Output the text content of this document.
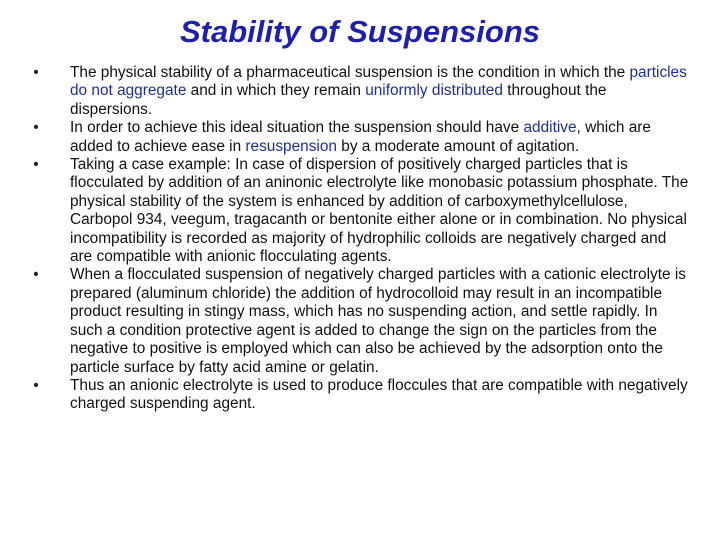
Stability of Suspensions
• The physical stability of a pharmaceutical suspension is the condition in which the particles do not aggregate and in which they remain uniformly distributed throughout the dispersions.
• In order to achieve this ideal situation the suspension should have additive, which are added to achieve ease in resuspension by a moderate amount of agitation.
• Taking a case example: In case of dispersion of positively charged particles that is flocculated by addition of an aninonic electrolyte like monobasic potassium phosphate. The physical stability of the system is enhanced by addition of carboxymethylcellulose, Carbopol 934, veegum, tragacanth or bentonite either alone or in combination. No physical incompatibility is recorded as majority of hydrophilic colloids are negatively charged and are compatible with anionic flocculating agents.
• When a flocculated suspension of negatively charged particles with a cationic electrolyte is prepared (aluminum chloride) the addition of hydrocolloid may result in an incompatible product resulting in stingy mass, which has no suspending action, and settle rapidly. In such a condition protective agent is added to change the sign on the particles from the negative to positive is employed which can also be achieved by the adsorption onto the particle surface by fatty acid amine or gelatin.
• Thus an anionic electrolyte is used to produce floccules that are compatible with negatively charged suspending agent.
